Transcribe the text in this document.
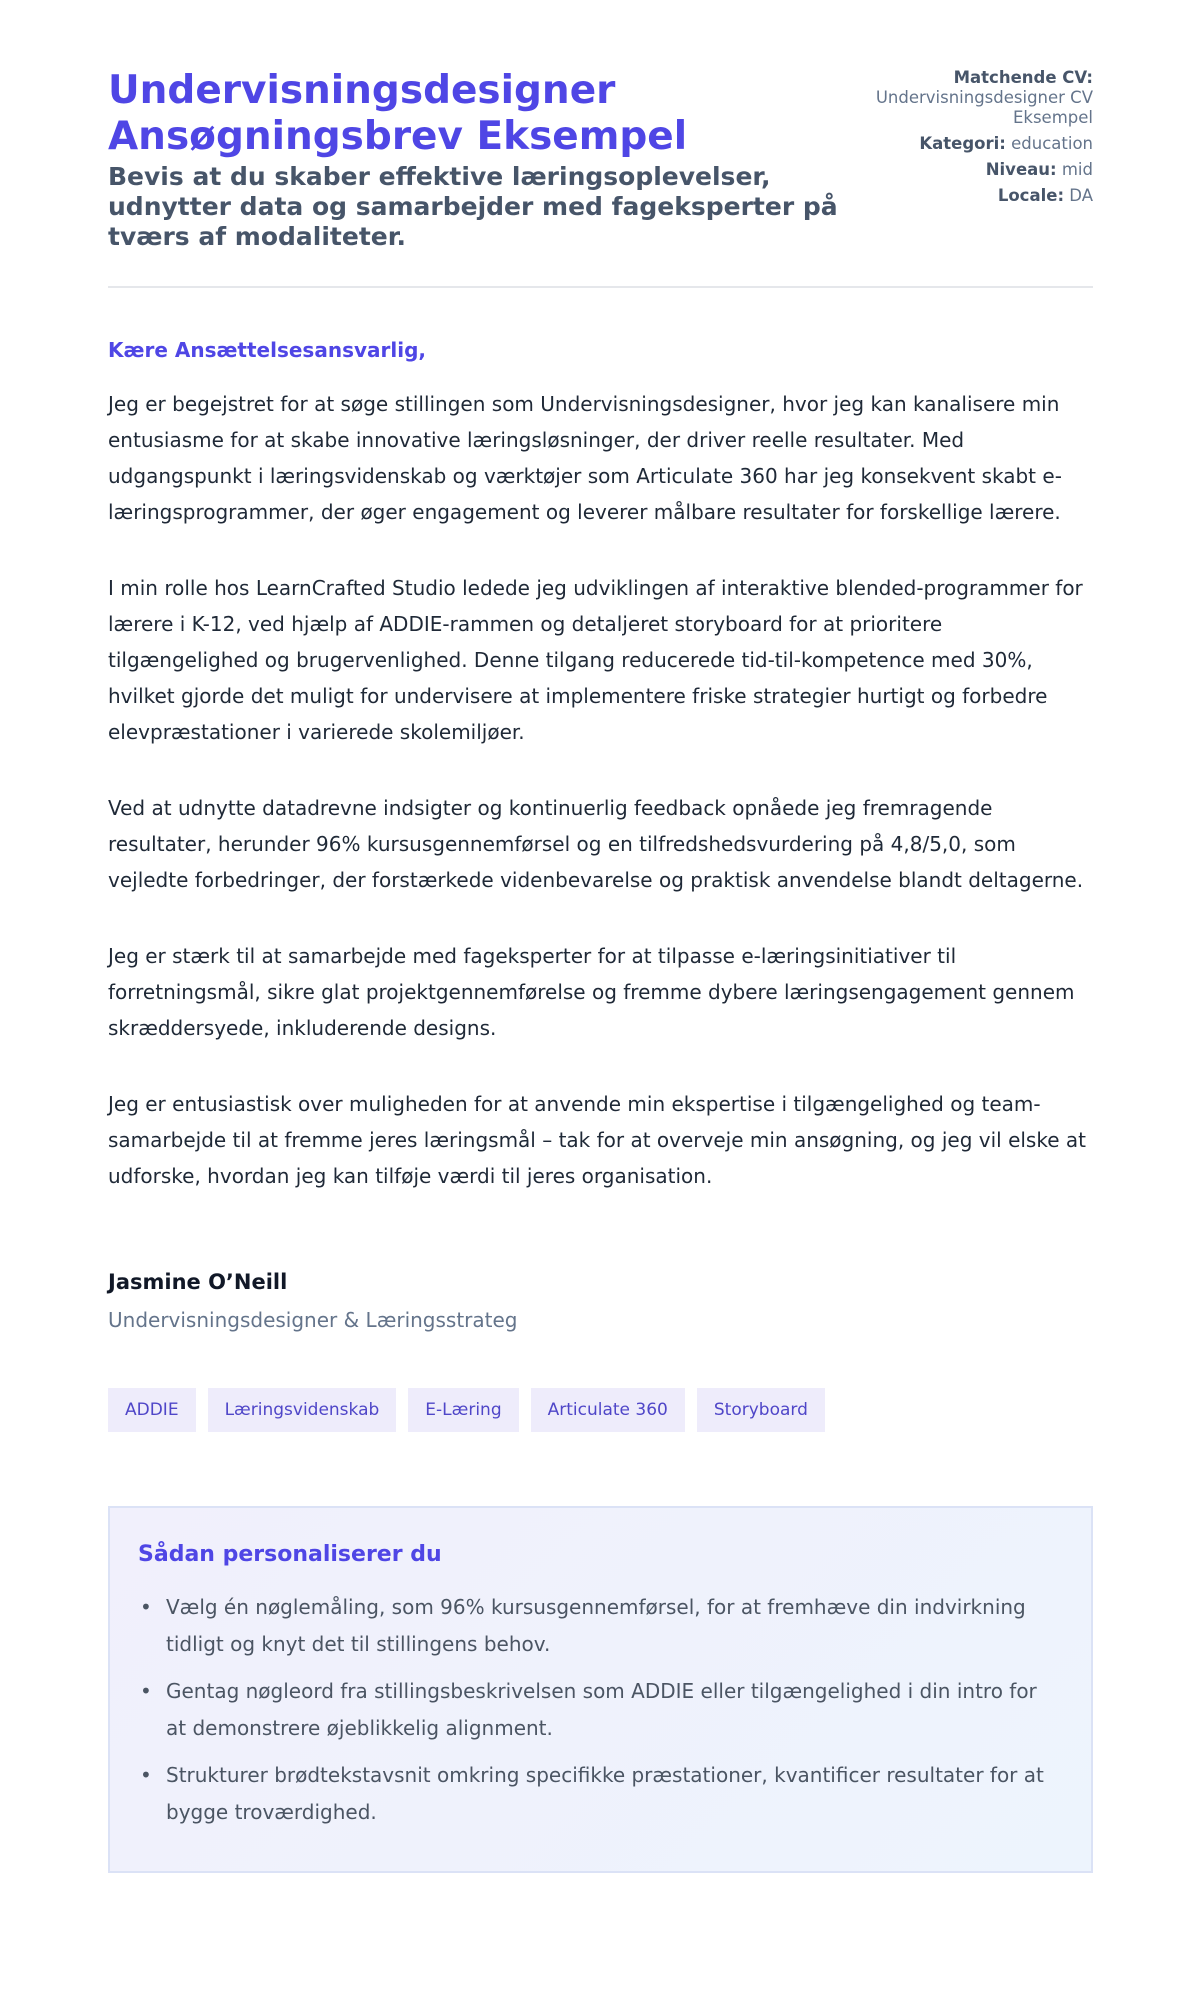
Undervisningsdesigner
Ansøgningsbrev Eksempel
Bevis at du skaber effektive læringsoplevelser, udnytter data og samarbejder med fageksperter på tværs af modaliteter.
Matchende CV:
Undervisningsdesigner CV Eksempel
Kategori: education
Niveau: mid
Locale: DA

Kære Ansættelsesansvarlig,

Jeg er begejstret for at søge stillingen som Undervisningsdesigner, hvor jeg kan kanalisere min entusiasme for at skabe innovative læringsløsninger, der driver reelle resultater. Med udgangspunkt i læringsvidenskab og værktøjer som Articulate 360 har jeg konsekvent skabt e-læringsprogrammer, der øger engagement og leverer målbare resultater for forskellige lærere.

I min rolle hos LearnCrafted Studio ledede jeg udviklingen af interaktive blended-programmer for lærere i K-12, ved hjælp af ADDIE-rammen og detaljeret storyboard for at prioritere tilgængelighed og brugervenlighed. Denne tilgang reducerede tid-til-kompetence med 30%, hvilket gjorde det muligt for undervisere at implementere friske strategier hurtigt og forbedre elevpræstationer i varierede skolemiljøer.

Ved at udnytte datadrevne indsigter og kontinuerlig feedback opnåede jeg fremragende resultater, herunder 96% kursusgennemførsel og en tilfredshedsvurdering på 4,8/5,0, som vejledte forbedringer, der forstærkede videnbevarelse og praktisk anvendelse blandt deltagerne.

Jeg er stærk til at samarbejde med fageksperter for at tilpasse e-læringsinitiativer til forretningsmål, sikre glat projektgennemførelse og fremme dybere læringsengagement gennem skræddersyede, inkluderende designs.

Jeg er entusiastisk over muligheden for at anvende min ekspertise i tilgængelighed og team-samarbejde til at fremme jeres læringsmål – tak for at overveje min ansøgning, og jeg vil elske at udforske, hvordan jeg kan tilføje værdi til jeres organisation.

Jasmine O’Neill
Undervisningsdesigner & Læringsstrateg
ADDIE	Læringsvidenskab	E-Læring	Articulate 360	Storyboard
Sådan personaliserer du
• Vælg én nøglemåling, som 96% kursusgennemførsel, for at fremhæve din indvirkning tidligt og knyt det til stillingens behov.
• Gentag nøgleord fra stillingsbeskrivelsen som ADDIE eller tilgængelighed i din intro for at demonstrere øjeblikkelig alignment.
• Strukturer brødtekstavsnit omkring specifikke præstationer, kvantificer resultater for at bygge troværdighed.
